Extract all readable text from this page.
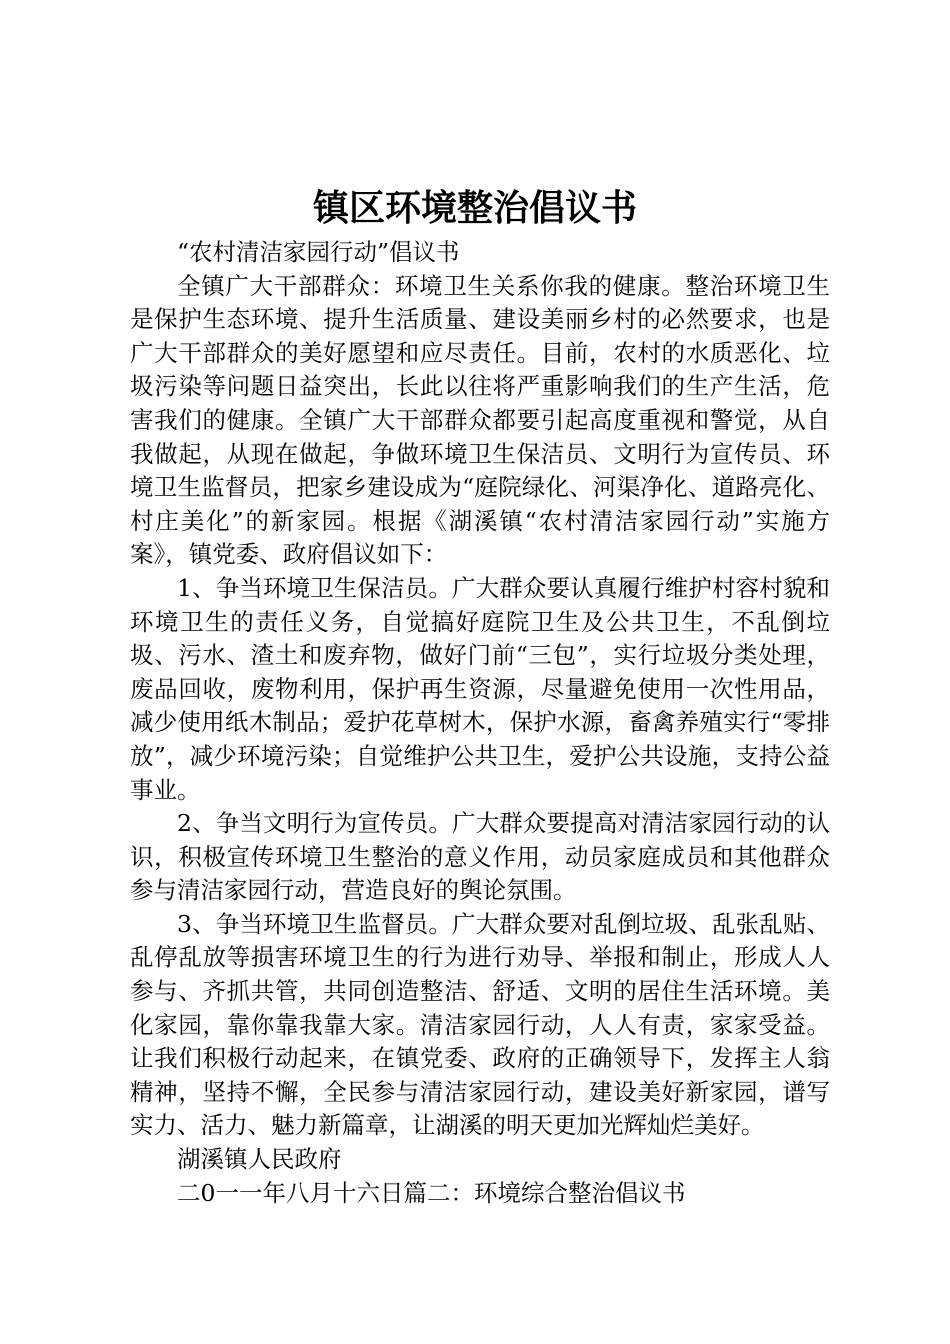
镇区环境整治倡议书

“农村清洁家园行动”倡议书

全镇广大干部群众：环境卫生关系你我的健康。整治环境卫生是保护生态环境、提升生活质量、建设美丽乡村的必然要求，也是广大干部群众的美好愿望和应尽责任。目前，农村的水质恶化、垃圾污染等问题日益突出，长此以往将严重影响我们的生产生活，危害我们的健康。全镇广大干部群众都要引起高度重视和警觉，从自我做起，从现在做起，争做环境卫生保洁员、文明行为宣传员、环境卫生监督员，把家乡建设成为“庭院绿化、河渠净化、道路亮化、村庄美化”的新家园。根据《湖溪镇“农村清洁家园行动”实施方案》，镇党委、政府倡议如下：

1、争当环境卫生保洁员。广大群众要认真履行维护村容村貌和环境卫生的责任义务，自觉搞好庭院卫生及公共卫生，不乱倒垃圾、污水、渣土和废弃物，做好门前“三包”，实行垃圾分类处理，废品回收，废物利用，保护再生资源，尽量避免使用一次性用品，减少使用纸木制品；爱护花草树木，保护水源，畜禽养殖实行“零排放”，减少环境污染；自觉维护公共卫生，爱护公共设施，支持公益事业。

2、争当文明行为宣传员。广大群众要提高对清洁家园行动的认识，积极宣传环境卫生整治的意义作用，动员家庭成员和其他群众参与清洁家园行动，营造良好的舆论氛围。

3、争当环境卫生监督员。广大群众要对乱倒垃圾、乱张乱贴、乱停乱放等损害环境卫生的行为进行劝导、举报和制止，形成人人参与、齐抓共管，共同创造整洁、舒适、文明的居住生活环境。美化家园，靠你靠我靠大家。清洁家园行动，人人有责，家家受益。让我们积极行动起来，在镇党委、政府的正确领导下，发挥主人翁精神，坚持不懈，全民参与清洁家园行动，建设美好新家园，谱写实力、活力、魅力新篇章，让湖溪的明天更加光辉灿烂美好。

湖溪镇人民政府

二0一一年八月十六日篇二：环境综合整治倡议书
